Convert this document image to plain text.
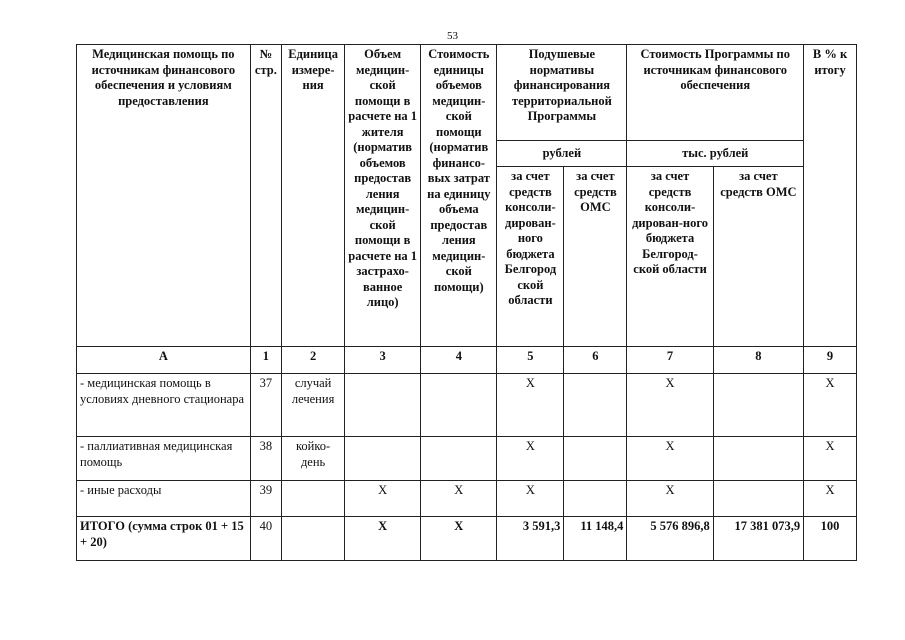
53
Медицинская помощь по источникам финансового обеспечения и условиям предоставления	№ стр.	Единица измере-ния	Объем медицин-ской помощи в расчете на 1 жителя (норматив объемов предостав ления медицин-ской помощи в расчете на 1 застрахо-ванное лицо)	Стоимость единицы объемов медицин-ской помощи (норматив финансо-вых затрат на единицу объема предостав ления медицин-ской помощи)	Подушевые нормативы финансирования территориальной Программы		Стоимость Программы по источникам финансового обеспечения		В % к итогу
					рублей		тыс. рублей		
					за счет средств консоли-дирован-ного бюджета Белгород ской области	за счет средств ОМС	за счет средств консоли-дирован-ного бюджета Белгород-ской области	за счет средств ОМС	
А	1	2	3	4	5	6	7	8	9
- медицинская помощь в условиях дневного стационара	37	случай лечения			X		X		X
- паллиативная медицинская помощь	38	койко-день			X		X		X
- иные расходы	39		X	X	X		X		X
ИТОГО (сумма строк 01 + 15 + 20)	40		X	X	3 591,3	11 148,4	5 576 896,8	17 381 073,9	100
